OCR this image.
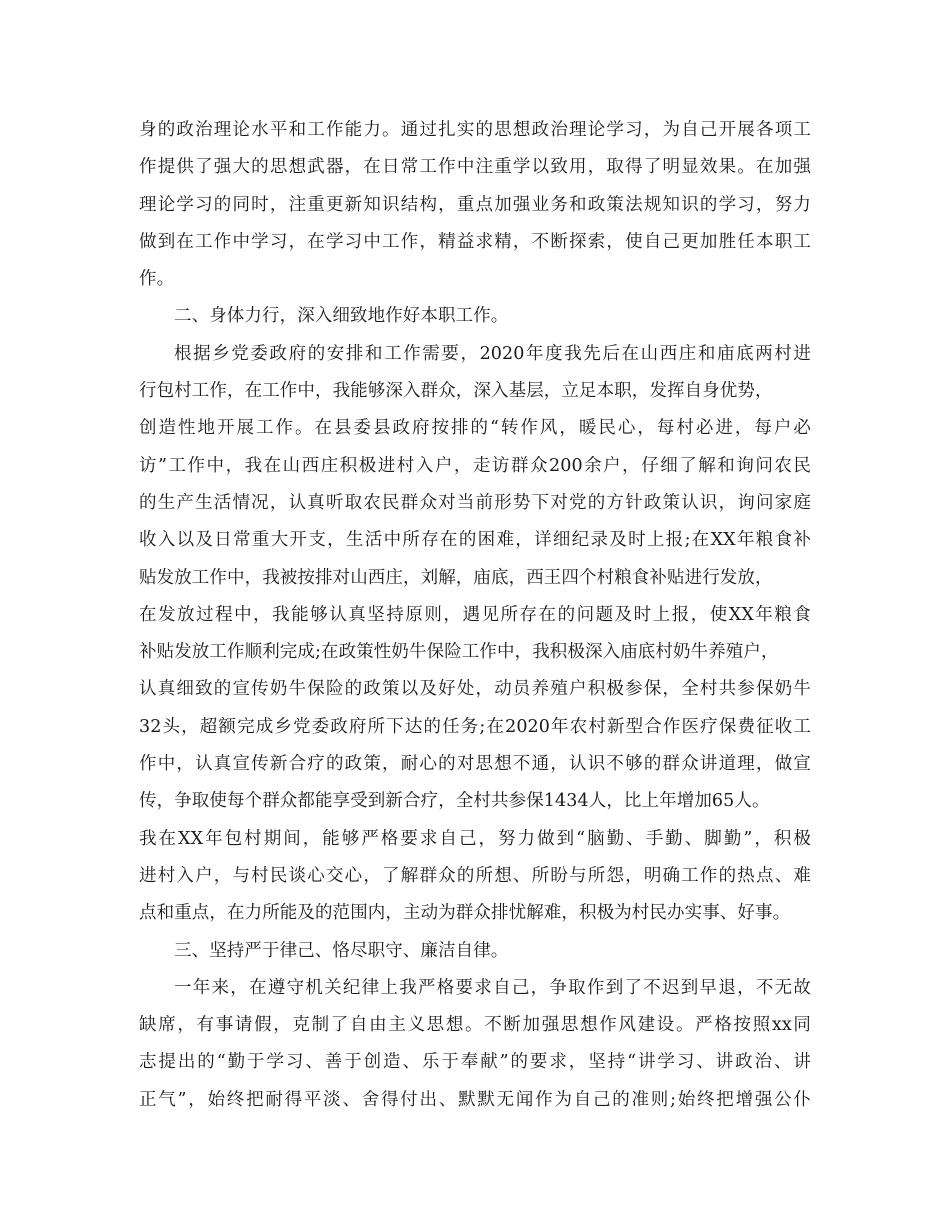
身的政治理论水平和工作能力。通过扎实的思想政治理论学习，为自己开展各项工
作提供了强大的思想武器，在日常工作中注重学以致用，取得了明显效果。在加强
理论学习的同时，注重更新知识结构，重点加强业务和政策法规知识的学习，努力
做到在工作中学习，在学习中工作，精益求精，不断探索，使自己更加胜任本职工
作。
二、身体力行，深入细致地作好本职工作。
根据乡党委政府的安排和工作需要，2020年度我先后在山西庄和庙底两村进
行包村工作，在工作中，我能够深入群众，深入基层，立足本职，发挥自身优势，
创造性地开展工作。在县委县政府按排的“转作风，暖民心，每村必进，每户必
访”工作中，我在山西庄积极进村入户，走访群众200余户，仔细了解和询问农民
的生产生活情况，认真听取农民群众对当前形势下对党的方针政策认识，询问家庭
收入以及日常重大开支，生活中所存在的困难，详细纪录及时上报;在XX年粮食补
贴发放工作中，我被按排对山西庄，刘解，庙底，西王四个村粮食补贴进行发放，
在发放过程中，我能够认真坚持原则，遇见所存在的问题及时上报，使XX年粮食
补贴发放工作顺利完成;在政策性奶牛保险工作中，我积极深入庙底村奶牛养殖户，
认真细致的宣传奶牛保险的政策以及好处，动员养殖户积极参保，全村共参保奶牛
32头，超额完成乡党委政府所下达的任务;在2020年农村新型合作医疗保费征收工
作中，认真宣传新合疗的政策，耐心的对思想不通，认识不够的群众讲道理，做宣
传，争取使每个群众都能享受到新合疗，全村共参保1434人，比上年增加65人。
我在XX年包村期间，能够严格要求自己，努力做到“脑勤、手勤、脚勤”，积极
进村入户，与村民谈心交心，了解群众的所想、所盼与所怨，明确工作的热点、难
点和重点，在力所能及的范围内，主动为群众排忧解难，积极为村民办实事、好事。
三、坚持严于律己、恪尽职守、廉洁自律。
一年来，在遵守机关纪律上我严格要求自己，争取作到了不迟到早退，不无故
缺席，有事请假，克制了自由主义思想。不断加强思想作风建设。严格按照xx同
志提出的“勤于学习、善于创造、乐于奉献”的要求，坚持“讲学习、讲政治、讲
正气”，始终把耐得平淡、舍得付出、默默无闻作为自己的准则;始终把增强公仆
